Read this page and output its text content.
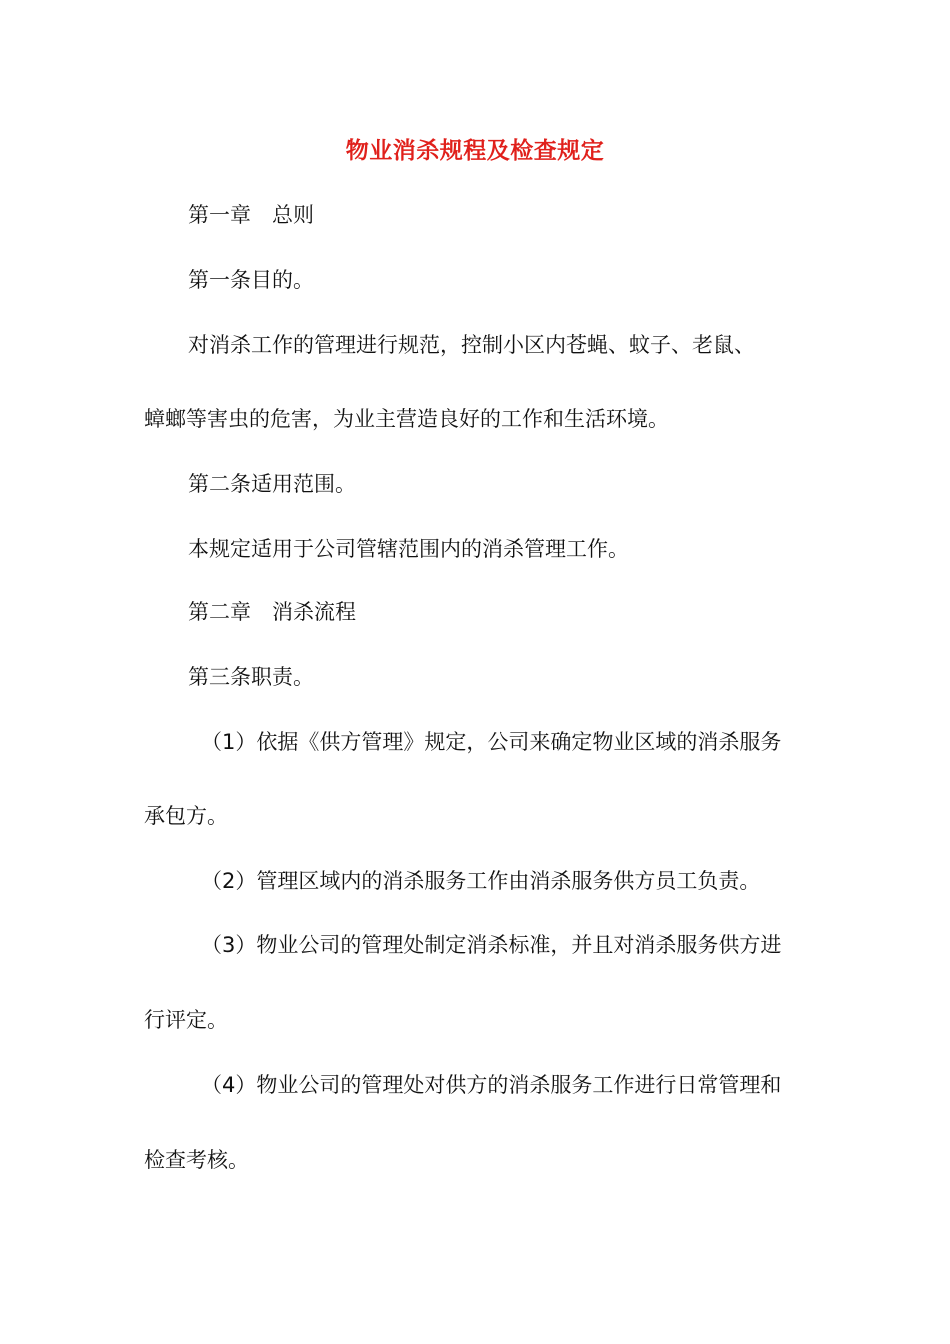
物业消杀规程及检查规定
第一章　总则
第一条目的。
对消杀工作的管理进行规范，控制小区内苍蝇、蚊子、老鼠、
蟑螂等害虫的危害，为业主营造良好的工作和生活环境。
第二条适用范围。
本规定适用于公司管辖范围内的消杀管理工作。
第二章　消杀流程
第三条职责。
（1）依据《供方管理》规定，公司来确定物业区域的消杀服务
承包方。
（2）管理区域内的消杀服务工作由消杀服务供方员工负责。
（3）物业公司的管理处制定消杀标准，并且对消杀服务供方进
行评定。
（4）物业公司的管理处对供方的消杀服务工作进行日常管理和
检查考核。
